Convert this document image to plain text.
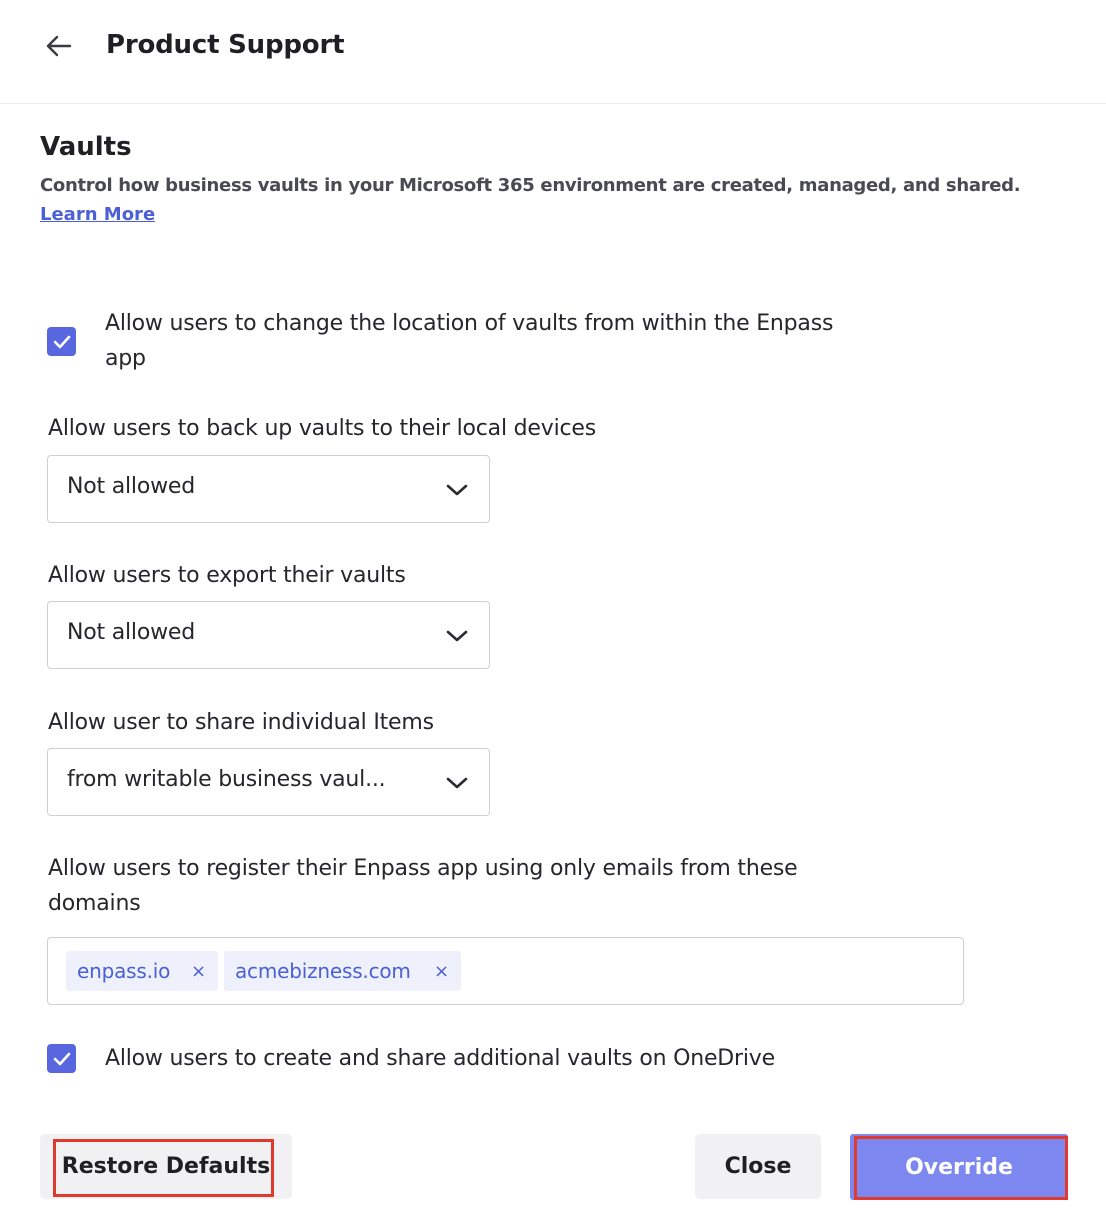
Product Support
Vaults
Control how business vaults in your Microsoft 365 environment are created, managed, and shared.
Learn More
Allow users to change the location of vaults from within the Enpass
app
Allow users to back up vaults to their local devices
Not allowed
Allow users to export their vaults
Not allowed
Allow user to share individual Items
from writable business vaul...
Allow users to register their Enpass app using only emails from these
domains
enpass.io ×	acmebizness.com ×
Allow users to create and share additional vaults on OneDrive
Restore Defaults	Close	Override
